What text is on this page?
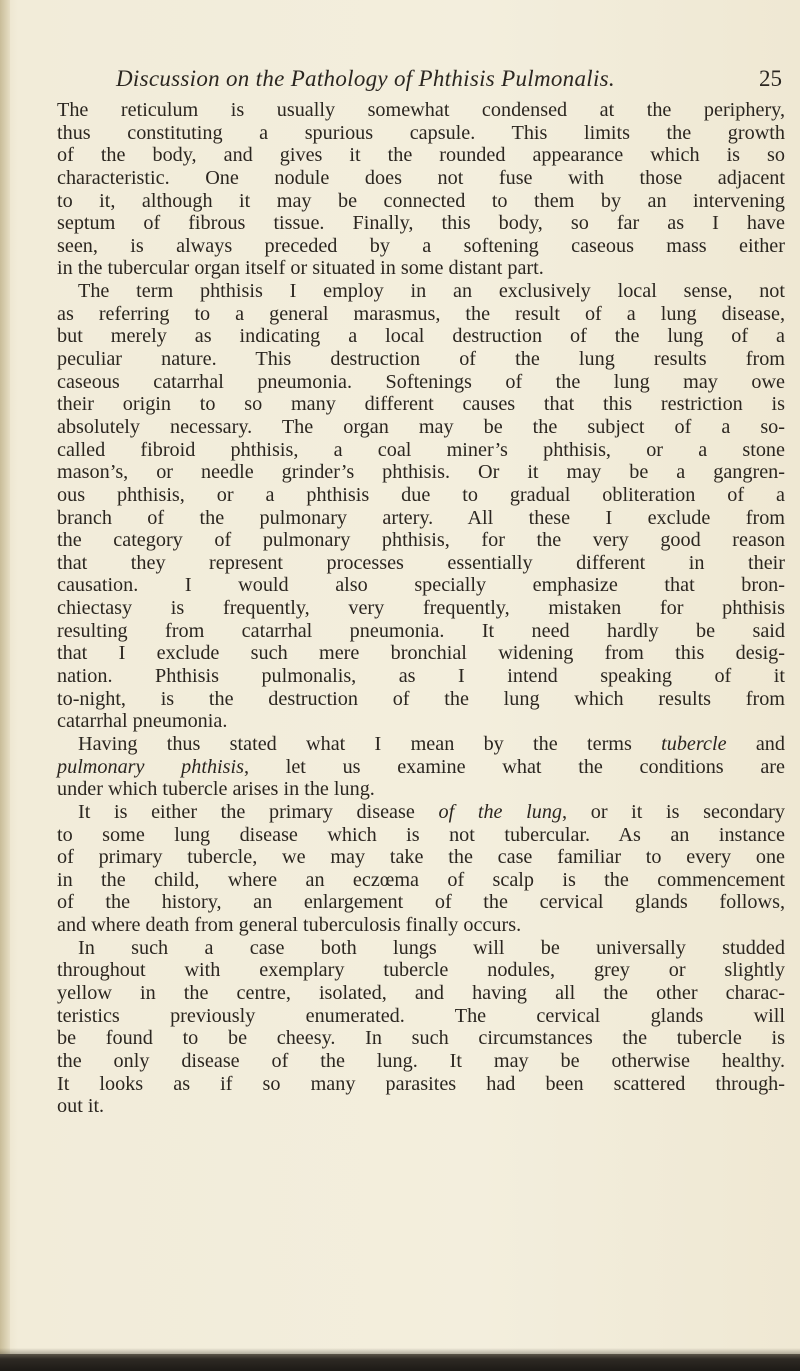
Discussion on the Pathology of Phthisis Pulmonalis.	25
The reticulum is usually somewhat condensed at the periphery,
thus constituting a spurious capsule. This limits the growth
of the body, and gives it the rounded appearance which is so
characteristic. One nodule does not fuse with those adjacent
to it, although it may be connected to them by an intervening
septum of fibrous tissue. Finally, this body, so far as I have
seen, is always preceded by a softening caseous mass either
in the tubercular organ itself or situated in some distant part.
The term phthisis I employ in an exclusively local sense, not
as referring to a general marasmus, the result of a lung disease,
but merely as indicating a local destruction of the lung of a
peculiar nature. This destruction of the lung results from
caseous catarrhal pneumonia. Softenings of the lung may owe
their origin to so many different causes that this restriction is
absolutely necessary. The organ may be the subject of a so-
called fibroid phthisis, a coal miner’s phthisis, or a stone
mason’s, or needle grinder’s phthisis. Or it may be a gangren-
ous phthisis, or a phthisis due to gradual obliteration of a
branch of the pulmonary artery. All these I exclude from
the category of pulmonary phthisis, for the very good reason
that they represent processes essentially different in their
causation. I would also specially emphasize that bron-
chiectasy is frequently, very frequently, mistaken for phthisis
resulting from catarrhal pneumonia. It need hardly be said
that I exclude such mere bronchial widening from this desig-
nation. Phthisis pulmonalis, as I intend speaking of it
to-night, is the destruction of the lung which results from
catarrhal pneumonia.
Having thus stated what I mean by the terms tubercle and
pulmonary phthisis, let us examine what the conditions are
under which tubercle arises in the lung.
It is either the primary disease of the lung, or it is secondary
to some lung disease which is not tubercular. As an instance
of primary tubercle, we may take the case familiar to every one
in the child, where an eczœma of scalp is the commencement
of the history, an enlargement of the cervical glands follows,
and where death from general tuberculosis finally occurs.
In such a case both lungs will be universally studded
throughout with exemplary tubercle nodules, grey or slightly
yellow in the centre, isolated, and having all the other charac-
teristics previously enumerated. The cervical glands will
be found to be cheesy. In such circumstances the tubercle is
the only disease of the lung. It may be otherwise healthy.
It looks as if so many parasites had been scattered through-
out it.
